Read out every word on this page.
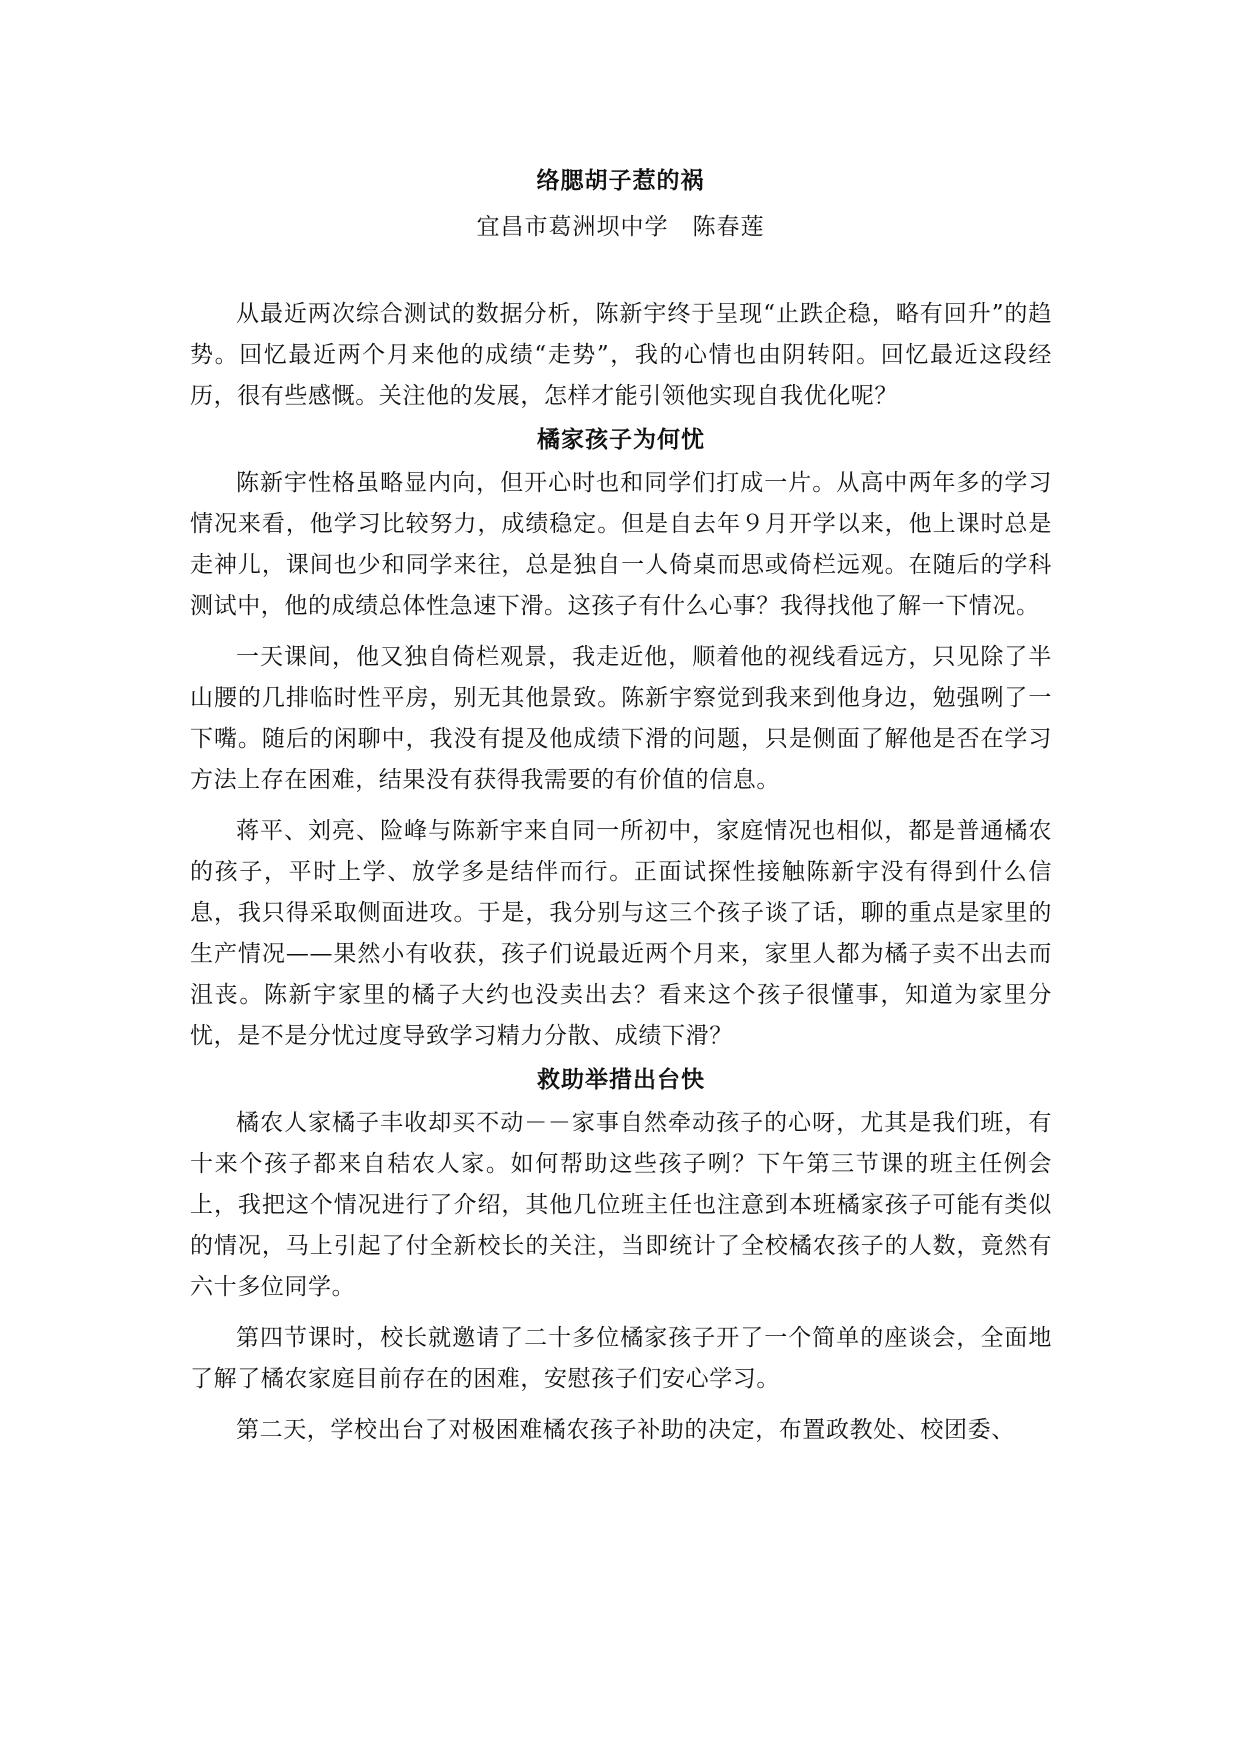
络腮胡子惹的祸
宜昌市葛洲坝中学　陈春莲

从最近两次综合测试的数据分析，陈新宇终于呈现“止跌企稳，略有回升”的趋势。回忆最近两个月来他的成绩“走势”，我的心情也由阴转阳。回忆最近这段经历，很有些感慨。关注他的发展，怎样才能引领他实现自我优化呢？

橘家孩子为何忧

陈新宇性格虽略显内向，但开心时也和同学们打成一片。从高中两年多的学习情况来看，他学习比较努力，成绩稳定。但是自去年９月开学以来，他上课时总是走神儿，课间也少和同学来往，总是独自一人倚桌而思或倚栏远观。在随后的学科测试中，他的成绩总体性急速下滑。这孩子有什么心事？我得找他了解一下情况。

一天课间，他又独自倚栏观景，我走近他，顺着他的视线看远方，只见除了半山腰的几排临时性平房，别无其他景致。陈新宇察觉到我来到他身边，勉强咧了一下嘴。随后的闲聊中，我没有提及他成绩下滑的问题，只是侧面了解他是否在学习方法上存在困难，结果没有获得我需要的有价值的信息。

蒋平、刘亮、险峰与陈新宇来自同一所初中，家庭情况也相似，都是普通橘农的孩子，平时上学、放学多是结伴而行。正面试探性接触陈新宇没有得到什么信息，我只得采取侧面进攻。于是，我分别与这三个孩子谈了话，聊的重点是家里的生产情况——果然小有收获，孩子们说最近两个月来，家里人都为橘子卖不出去而沮丧。陈新宇家里的橘子大约也没卖出去？看来这个孩子很懂事，知道为家里分忧，是不是分忧过度导致学习精力分散、成绩下滑？

救助举措出台快

橘农人家橘子丰收却买不动－－家事自然牵动孩子的心呀，尤其是我们班，有十来个孩子都来自秸农人家。如何帮助这些孩子咧？下午第三节课的班主任例会上，我把这个情况进行了介绍，其他几位班主任也注意到本班橘家孩子可能有类似的情况，马上引起了付全新校长的关注，当即统计了全校橘农孩子的人数，竟然有六十多位同学。

第四节课时，校长就邀请了二十多位橘家孩子开了一个简单的座谈会，全面地了解了橘农家庭目前存在的困难，安慰孩子们安心学习。

第二天，学校出台了对极困难橘农孩子补助的决定，布置政教处、校团委、
